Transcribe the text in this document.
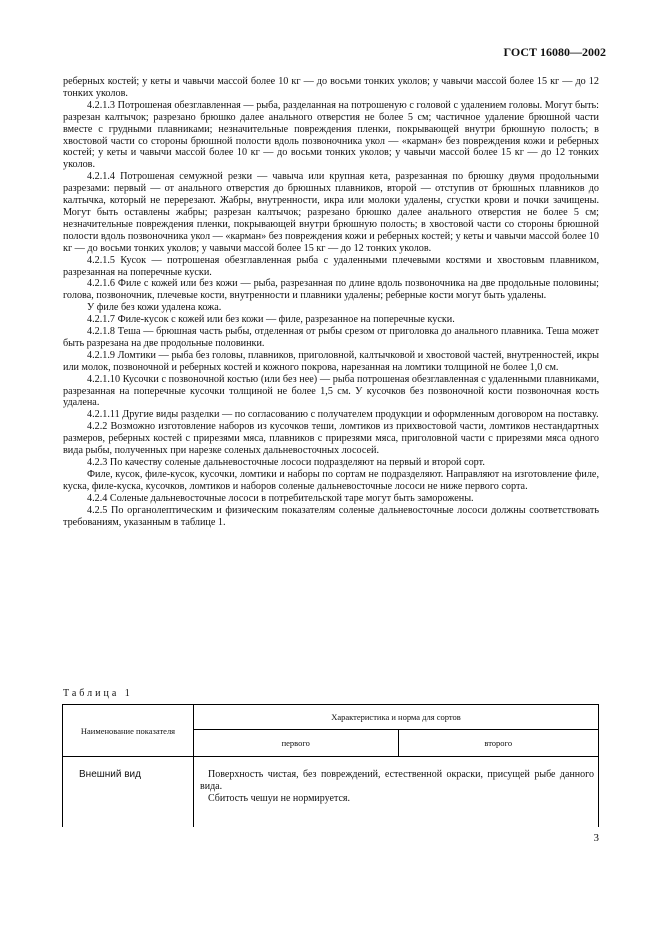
ГОСТ 16080—2002

реберных костей; у кеты и чавычи массой более 10 кг — до восьми тонких уколов; у чавычи массой более 15 кг — до 12 тонких уколов.

4.2.1.3 Потрошеная обезглавленная — рыба, разделанная на потрошеную с головой с удалением головы. Могут быть: разрезан калтычок; разрезано брюшко далее анального отверстия не более 5 см; частичное удаление брюшной части вместе с грудными плавниками; незначительные повреждения пленки, покрывающей внутри брюшную полость; в хвостовой части со стороны брюшной полости вдоль позвоночника укол — «карман» без повреждения кожи и реберных костей; у кеты и чавычи массой более 10 кг — до восьми тонких уколов; у чавычи массой более 15 кг — до 12 тонких уколов.

4.2.1.4 Потрошеная семужной резки — чавыча или крупная кета, разрезанная по брюшку двумя продольными разрезами: первый — от анального отверстия до брюшных плавников, второй — отступив от брюшных плавников до калтычка, который не перерезают. Жабры, внутренности, икра или молоки удалены, сгустки крови и почки зачищены. Могут быть оставлены жабры; разрезан калтычок; разрезано брюшко далее анального отверстия не более 5 см; незначительные повреждения пленки, покрывающей внутри брюшную полость; в хвостовой части со стороны брюшной полости вдоль позвоночника укол — «карман» без повреждения кожи и реберных костей; у кеты и чавычи массой более 10 кг — до восьми тонких уколов; у чавычи массой более 15 кг — до 12 тонких уколов.

4.2.1.5 Кусок — потрошеная обезглавленная рыба с удаленными плечевыми костями и хвостовым плавником, разрезанная на поперечные куски.

4.2.1.6 Филе с кожей или без кожи — рыба, разрезанная по длине вдоль позвоночника на две продольные половины; голова, позвоночник, плечевые кости, внутренности и плавники удалены; реберные кости могут быть удалены.

У филе без кожи удалена кожа.

4.2.1.7 Филе-кусок с кожей или без кожи — филе, разрезанное на поперечные куски.

4.2.1.8 Теша — брюшная часть рыбы, отделенная от рыбы срезом от приголовка до анального плавника. Теша может быть разрезана на две продольные половинки.

4.2.1.9 Ломтики — рыба без головы, плавников, приголовной, калтычковой и хвостовой частей, внутренностей, икры или молок, позвоночной и реберных костей и кожного покрова, нарезанная на ломтики толщиной не более 1,0 см.

4.2.1.10 Кусочки с позвоночной костью (или без нее) — рыба потрошеная обезглавленная с удаленными плавниками, разрезанная на поперечные кусочки толщиной не более 1,5 см. У кусочков без позвоночной кости позвоночная кость удалена.

4.2.1.11 Другие виды разделки — по согласованию с получателем продукции и оформленным договором на поставку.

4.2.2 Возможно изготовление наборов из кусочков теши, ломтиков из прихвостовой части, ломтиков нестандартных размеров, реберных костей с прирезями мяса, плавников с прирезями мяса, приголовной части с прирезями мяса одного вида рыбы, полученных при нарезке соленых дальневосточных лососей.

4.2.3 По качеству соленые дальневосточные лососи подразделяют на первый и второй сорт.

Филе, кусок, филе-кусок, кусочки, ломтики и наборы по сортам не подразделяют. Направляют на изготовление филе, куска, филе-куска, кусочков, ломтиков и наборов соленые дальневосточные лососи не ниже первого сорта.

4.2.4 Соленые дальневосточные лососи в потребительской таре могут быть заморожены.

4.2.5 По органолептическим и физическим показателям соленые дальневосточные лососи должны соответствовать требованиям, указанным в таблице 1.

Таблица 1
Наименование показателя	Характеристика и норма для сортов	
	первого	второго
Внешний вид	Поверхность чистая, без повреждений, естественной окраски, присущей рыбе данного вида.

Сбитость чешуи не нормируется.	

3
